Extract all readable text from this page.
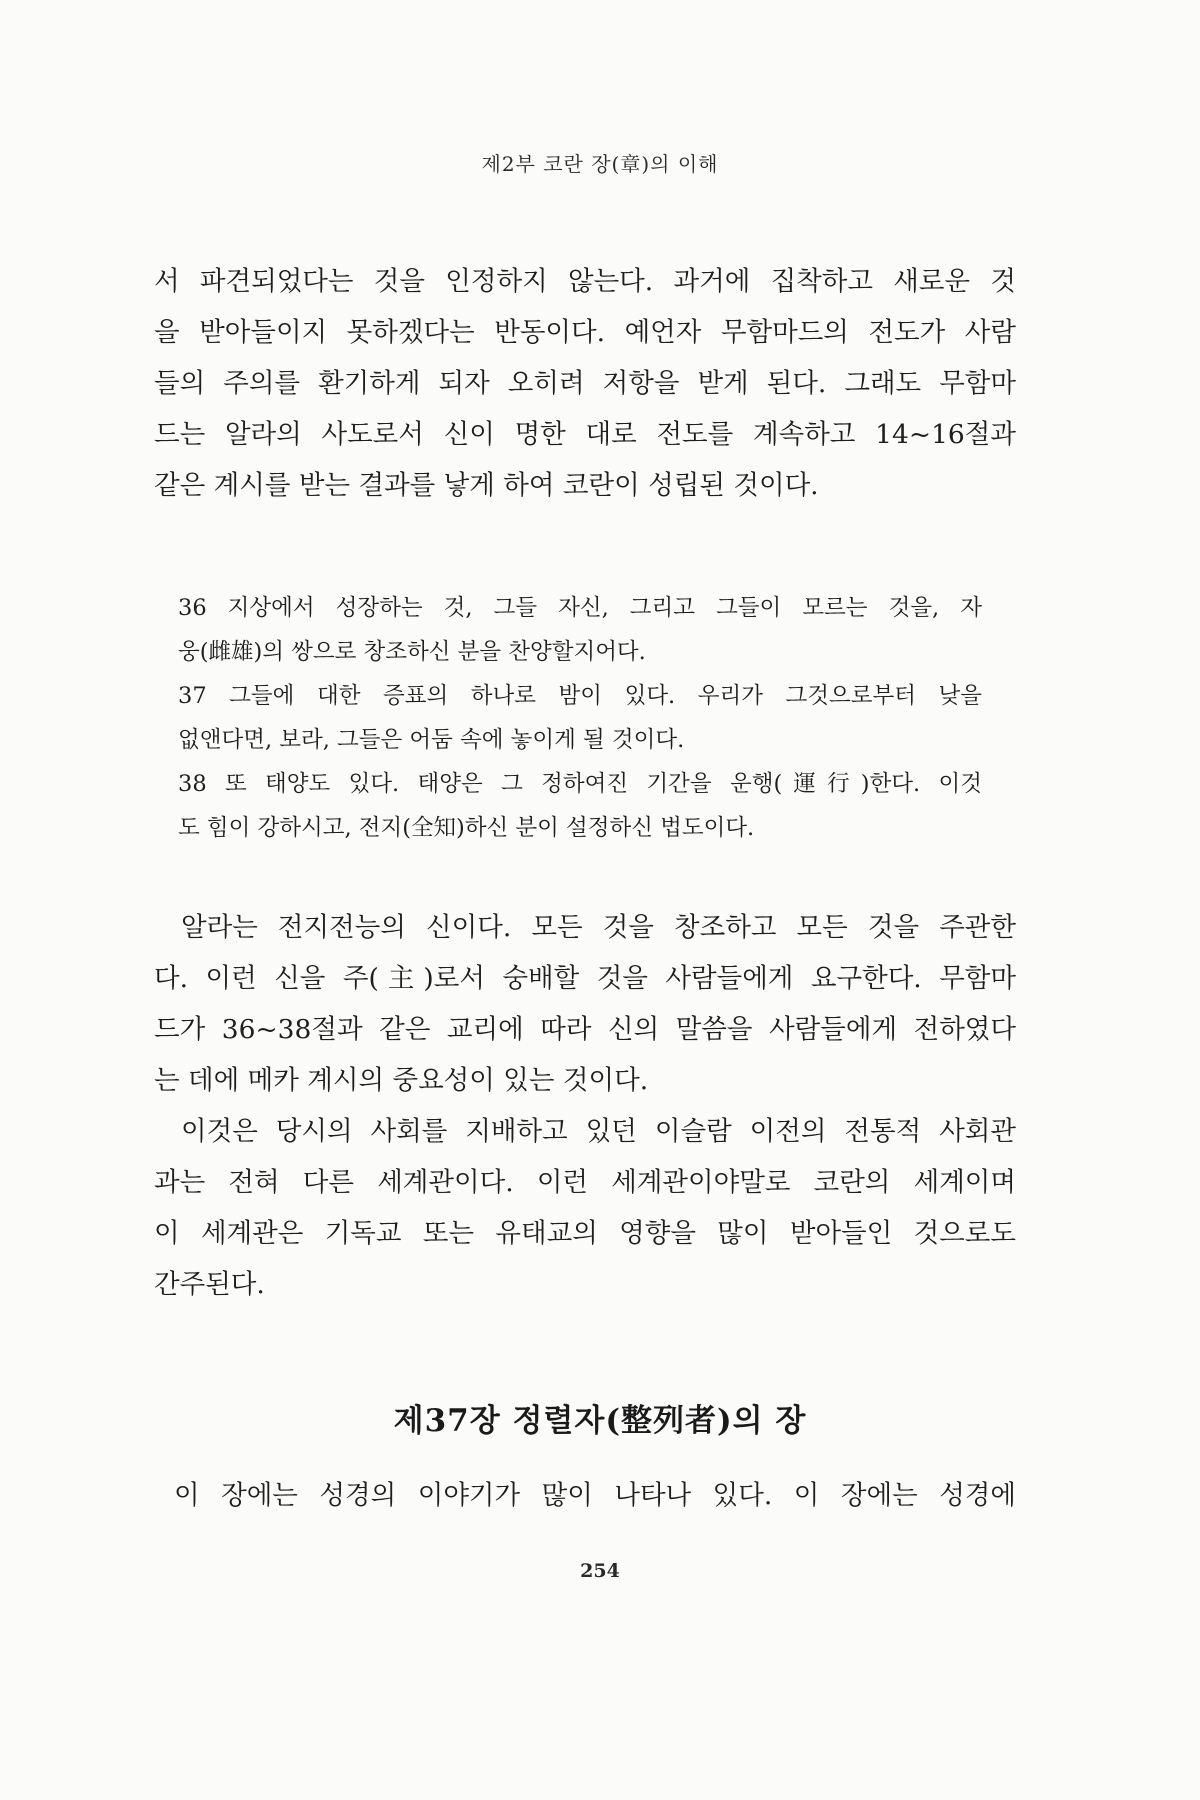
제2부 코란 장(章)의 이해
서 파견되었다는 것을 인정하지 않는다. 과거에 집착하고 새로운 것
을 받아들이지 못하겠다는 반동이다. 예언자 무함마드의 전도가 사람
들의 주의를 환기하게 되자 오히려 저항을 받게 된다. 그래도 무함마
드는 알라의 사도로서 신이 명한 대로 전도를 계속하고 14~16절과
같은 계시를 받는 결과를 낳게 하여 코란이 성립된 것이다.
36 지상에서 성장하는 것, 그들 자신, 그리고 그들이 모르는 것을, 자
웅(雌雄)의 쌍으로 창조하신 분을 찬양할지어다.
37 그들에 대한 증표의 하나로 밤이 있다. 우리가 그것으로부터 낮을
없앤다면, 보라, 그들은 어둠 속에 놓이게 될 것이다.
38 또 태양도 있다. 태양은 그 정하여진 기간을 운행(運行)한다. 이것
도 힘이 강하시고, 전지(全知)하신 분이 설정하신 법도이다.
알라는 전지전능의 신이다. 모든 것을 창조하고 모든 것을 주관한
다. 이런 신을 주(主)로서 숭배할 것을 사람들에게 요구한다. 무함마
드가 36~38절과 같은 교리에 따라 신의 말씀을 사람들에게 전하였다
는 데에 메카 계시의 중요성이 있는 것이다.
이것은 당시의 사회를 지배하고 있던 이슬람 이전의 전통적 사회관
과는 전혀 다른 세계관이다. 이런 세계관이야말로 코란의 세계이며
이 세계관은 기독교 또는 유태교의 영향을 많이 받아들인 것으로도
간주된다.
제37장 정렬자(整列者)의 장
이 장에는 성경의 이야기가 많이 나타나 있다. 이 장에는 성경에
254
